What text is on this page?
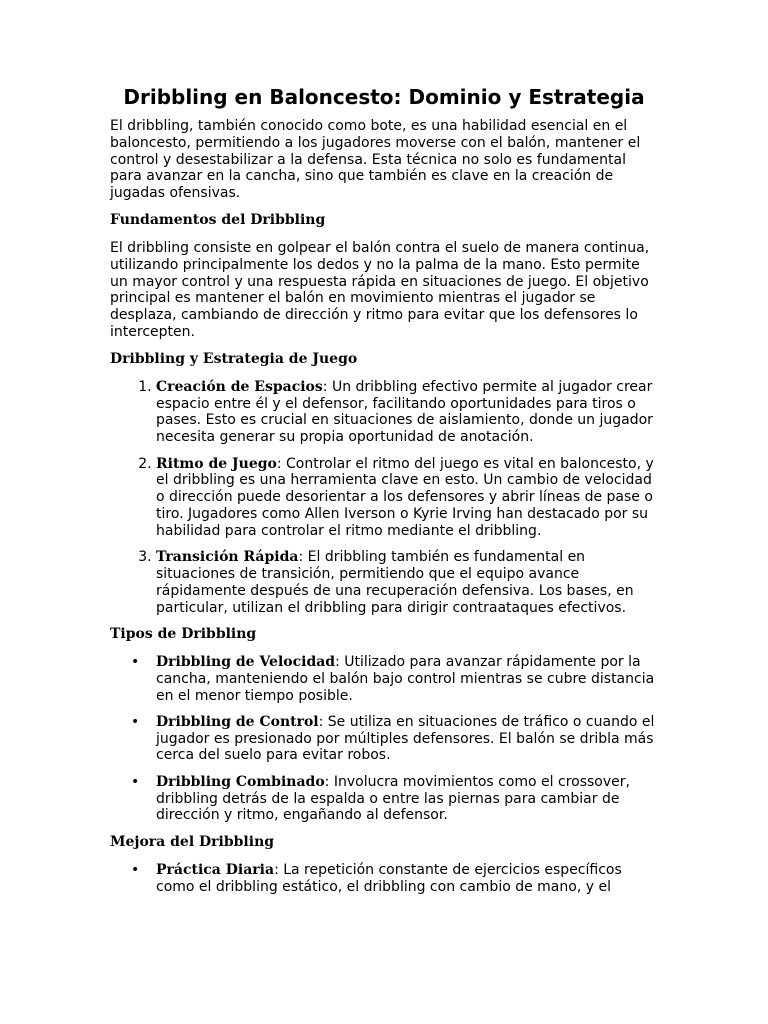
Dribbling en Baloncesto: Dominio y Estrategia

El dribbling, también conocido como bote, es una habilidad esencial en el baloncesto, permitiendo a los jugadores moverse con el balón, mantener el control y desestabilizar a la defensa. Esta técnica no solo es fundamental para avanzar en la cancha, sino que también es clave en la creación de jugadas ofensivas.

Fundamentos del Dribbling

El dribbling consiste en golpear el balón contra el suelo de manera continua, utilizando principalmente los dedos y no la palma de la mano. Esto permite un mayor control y una respuesta rápida en situaciones de juego. El objetivo principal es mantener el balón en movimiento mientras el jugador se desplaza, cambiando de dirección y ritmo para evitar que los defensores lo intercepten.

Dribbling y Estrategia de Juego
1. Creación de Espacios: Un dribbling efectivo permite al jugador crear espacio entre él y el defensor, facilitando oportunidades para tiros o pases. Esto es crucial en situaciones de aislamiento, donde un jugador necesita generar su propia oportunidad de anotación.
2. Ritmo de Juego: Controlar el ritmo del juego es vital en baloncesto, y el dribbling es una herramienta clave en esto. Un cambio de velocidad o dirección puede desorientar a los defensores y abrir líneas de pase o tiro. Jugadores como Allen Iverson o Kyrie Irving han destacado por su habilidad para controlar el ritmo mediante el dribbling.
3. Transición Rápida: El dribbling también es fundamental en situaciones de transición, permitiendo que el equipo avance rápidamente después de una recuperación defensiva. Los bases, en particular, utilizan el dribbling para dirigir contraataques efectivos.
Tipos de Dribbling
• Dribbling de Velocidad: Utilizado para avanzar rápidamente por la cancha, manteniendo el balón bajo control mientras se cubre distancia en el menor tiempo posible.
• Dribbling de Control: Se utiliza en situaciones de tráfico o cuando el jugador es presionado por múltiples defensores. El balón se dribla más cerca del suelo para evitar robos.
• Dribbling Combinado: Involucra movimientos como el crossover, dribbling detrás de la espalda o entre las piernas para cambiar de dirección y ritmo, engañando al defensor.
Mejora del Dribbling
• Práctica Diaria: La repetición constante de ejercicios específicos como el dribbling estático, el dribbling con cambio de mano, y el
